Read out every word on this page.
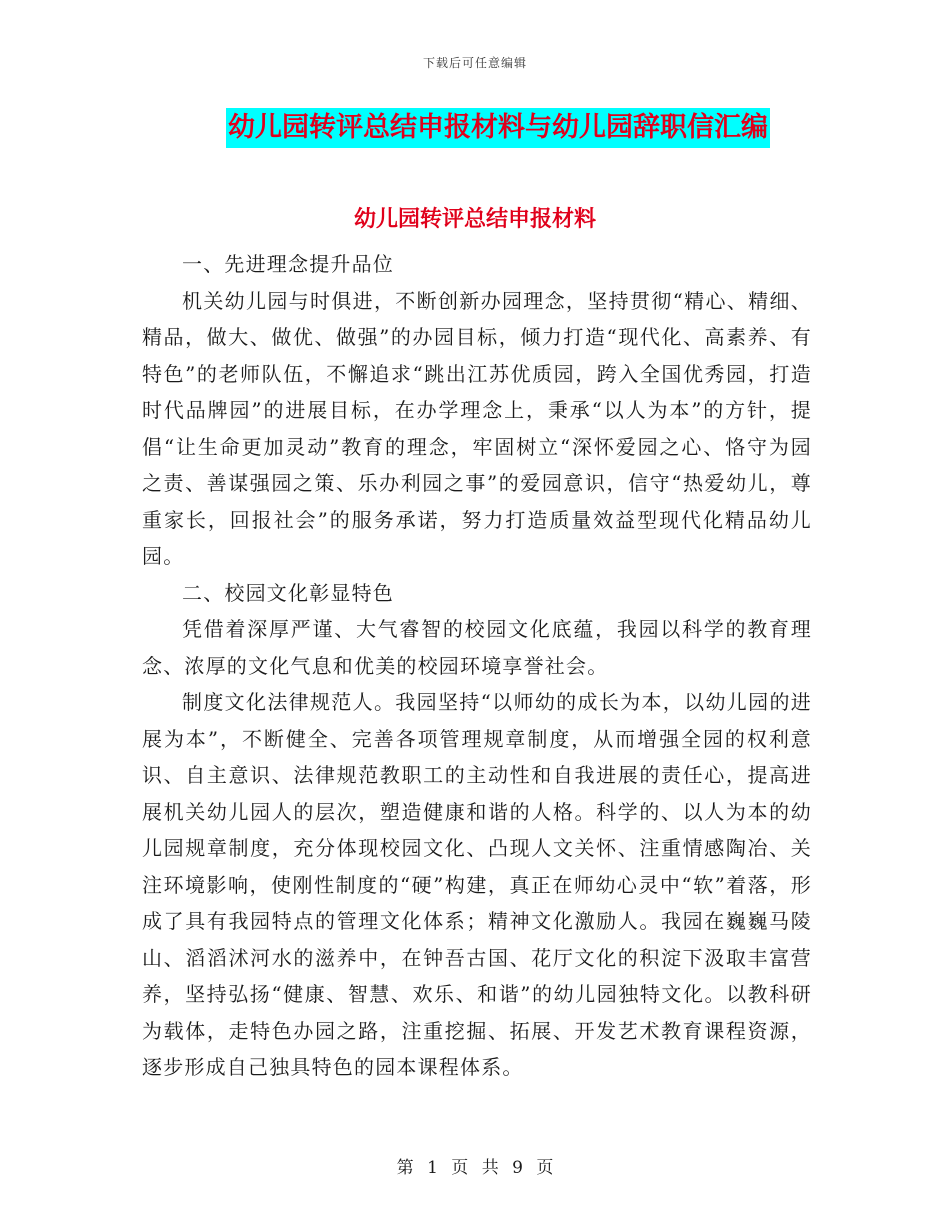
下载后可任意编辑
幼儿园转评总结申报材料与幼儿园辞职信汇编
幼儿园转评总结申报材料

一、先进理念提升品位

机关幼儿园与时俱进，不断创新办园理念，坚持贯彻“精心、精细、精品，做大、做优、做强”的办园目标，倾力打造“现代化、高素养、有特色”的老师队伍，不懈追求“跳出江苏优质园，跨入全国优秀园，打造时代品牌园”的进展目标，在办学理念上，秉承“以人为本”的方针，提倡“让生命更加灵动”教育的理念，牢固树立“深怀爱园之心、恪守为园之责、善谋强园之策、乐办利园之事”的爱园意识，信守“热爱幼儿，尊重家长，回报社会”的服务承诺，努力打造质量效益型现代化精品幼儿园。

二、校园文化彰显特色

凭借着深厚严谨、大气睿智的校园文化底蕴，我园以科学的教育理念、浓厚的文化气息和优美的校园环境享誉社会。

制度文化法律规范人。我园坚持“以师幼的成长为本，以幼儿园的进展为本”，不断健全、完善各项管理规章制度，从而增强全园的权利意识、自主意识、法律规范教职工的主动性和自我进展的责任心，提高进展机关幼儿园人的层次，塑造健康和谐的人格。科学的、以人为本的幼儿园规章制度，充分体现校园文化、凸现人文关怀、注重情感陶冶、关注环境影响，使刚性制度的“硬”构建，真正在师幼心灵中“软”着落，形成了具有我园特点的管理文化体系；精神文化激励人。我园在巍巍马陵山、滔滔沭河水的滋养中，在钟吾古国、花厅文化的积淀下汲取丰富营养，坚持弘扬“健康、智慧、欢乐、和谐”的幼儿园独特文化。以教科研为载体，走特色办园之路，注重挖掘、拓展、开发艺术教育课程资源，逐步形成自己独具特色的园本课程体系。

第 1 页 共 9 页
